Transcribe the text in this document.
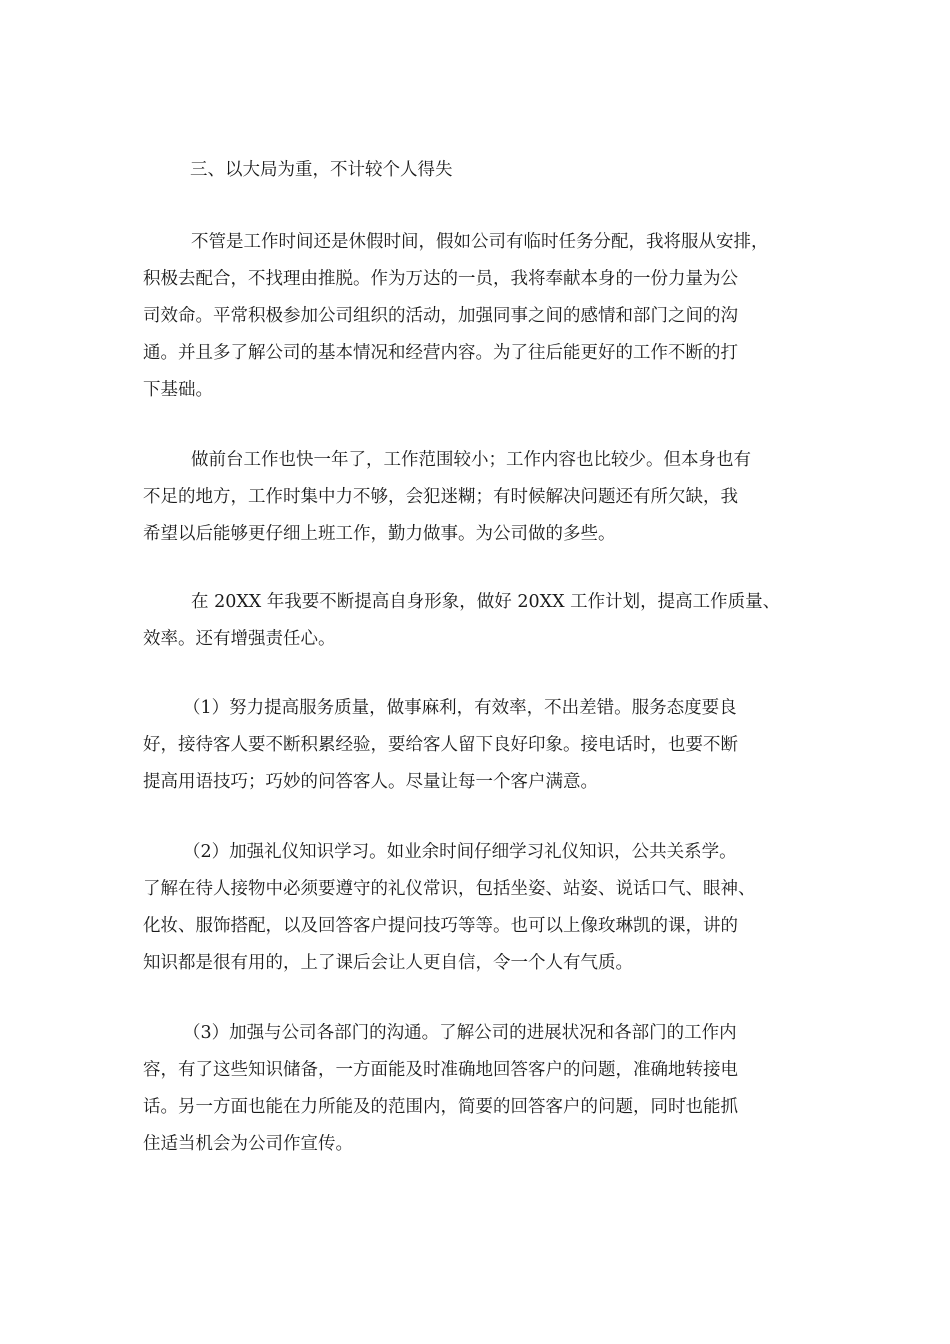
三、以大局为重，不计较个人得失

不管是工作时间还是休假时间，假如公司有临时任务分配，我将服从安排，
积极去配合，不找理由推脱。作为万达的一员，我将奉献本身的一份力量为公
司效命。平常积极参加公司组织的活动，加强同事之间的感情和部门之间的沟
通。并且多了解公司的基本情况和经营内容。为了往后能更好的工作不断的打
下基础。

做前台工作也快一年了，工作范围较小；工作内容也比较少。但本身也有
不足的地方，工作时集中力不够，会犯迷糊；有时候解决问题还有所欠缺，我
希望以后能够更仔细上班工作，勤力做事。为公司做的多些。

在 20XX 年我要不断提高自身形象，做好 20XX 工作计划，提高工作质量、
效率。还有增强责任心。

（1）努力提高服务质量，做事麻利，有效率，不出差错。服务态度要良
好，接待客人要不断积累经验，要给客人留下良好印象。接电话时，也要不断
提高用语技巧；巧妙的问答客人。尽量让每一个客户满意。

（2）加强礼仪知识学习。如业余时间仔细学习礼仪知识，公共关系学。
了解在待人接物中必须要遵守的礼仪常识，包括坐姿、站姿、说话口气、眼神、
化妆、服饰搭配，以及回答客户提问技巧等等。也可以上像玫琳凯的课，讲的
知识都是很有用的，上了课后会让人更自信，令一个人有气质。

（3）加强与公司各部门的沟通。了解公司的进展状况和各部门的工作内
容，有了这些知识储备，一方面能及时准确地回答客户的问题，准确地转接电
话。另一方面也能在力所能及的范围内，简要的回答客户的问题，同时也能抓
住适当机会为公司作宣传。
